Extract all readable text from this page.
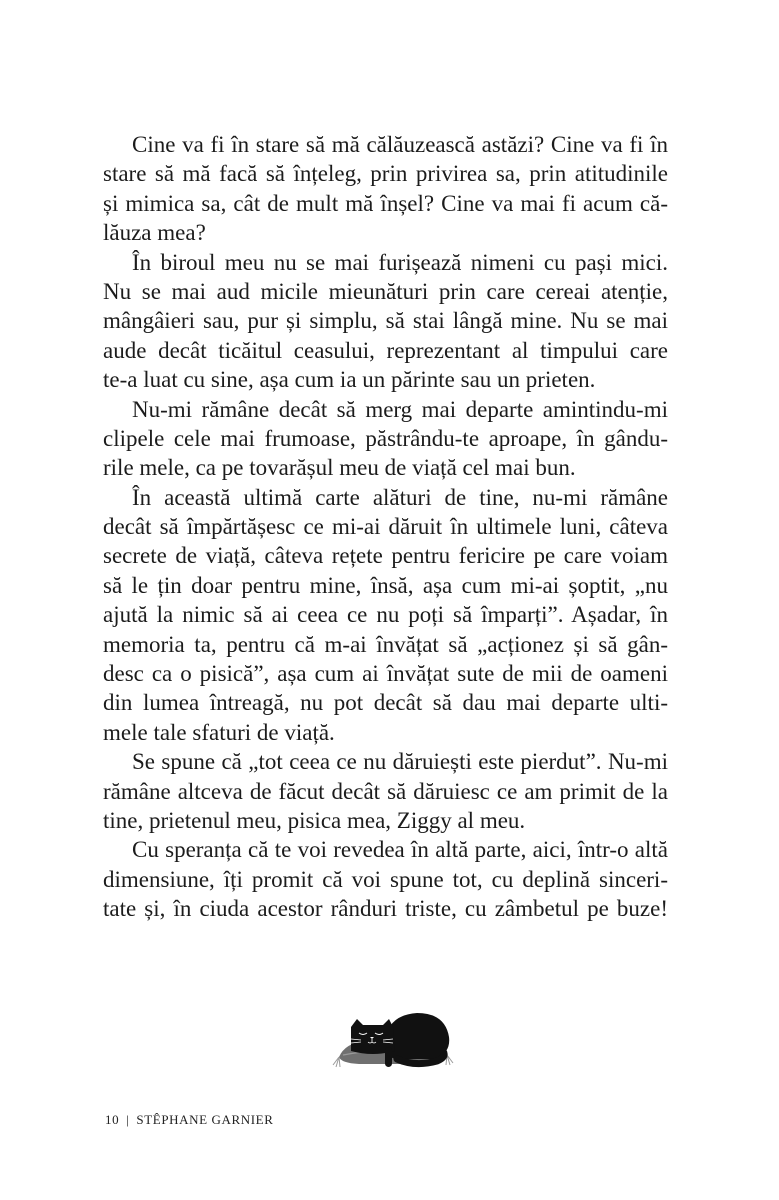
Cine va fi în stare să mă călăuzească astăzi? Cine va fi în
stare să mă facă să înțeleg, prin privirea sa, prin atitudinile
și mimica sa, cât de mult mă înșel? Cine va mai fi acum că-
lăuza mea?
În biroul meu nu se mai furișează nimeni cu pași mici.
Nu se mai aud micile mieunături prin care cereai atenție,
mângâieri sau, pur și simplu, să stai lângă mine. Nu se mai
aude decât ticăitul ceasului, reprezentant al timpului care
te-a luat cu sine, așa cum ia un părinte sau un prieten.
Nu-mi rămâne decât să merg mai departe amintindu-mi
clipele cele mai frumoase, păstrându-te aproape, în gându-
rile mele, ca pe tovarășul meu de viață cel mai bun.
În această ultimă carte alături de tine, nu-mi rămâne
decât să împărtășesc ce mi-ai dăruit în ultimele luni, câteva
secrete de viață, câteva rețete pentru fericire pe care voiam
să le țin doar pentru mine, însă, așa cum mi-ai șoptit, „nu
ajută la nimic să ai ceea ce nu poți să împarți”. Așadar, în
memoria ta, pentru că m-ai învățat să „acționez și să gân-
desc ca o pisică”, așa cum ai învățat sute de mii de oameni
din lumea întreagă, nu pot decât să dau mai departe ulti-
mele tale sfaturi de viață.
Se spune că „tot ceea ce nu dăruiești este pierdut”. Nu-mi
rămâne altceva de făcut decât să dăruiesc ce am primit de la
tine, prietenul meu, pisica mea, Ziggy al meu.
Cu speranța că te voi revedea în altă parte, aici, într-o altă
dimensiune, îți promit că voi spune tot, cu deplină sinceri-
tate și, în ciuda acestor rânduri triste, cu zâmbetul pe buze!
10 | STÊPHANE GARNIER
